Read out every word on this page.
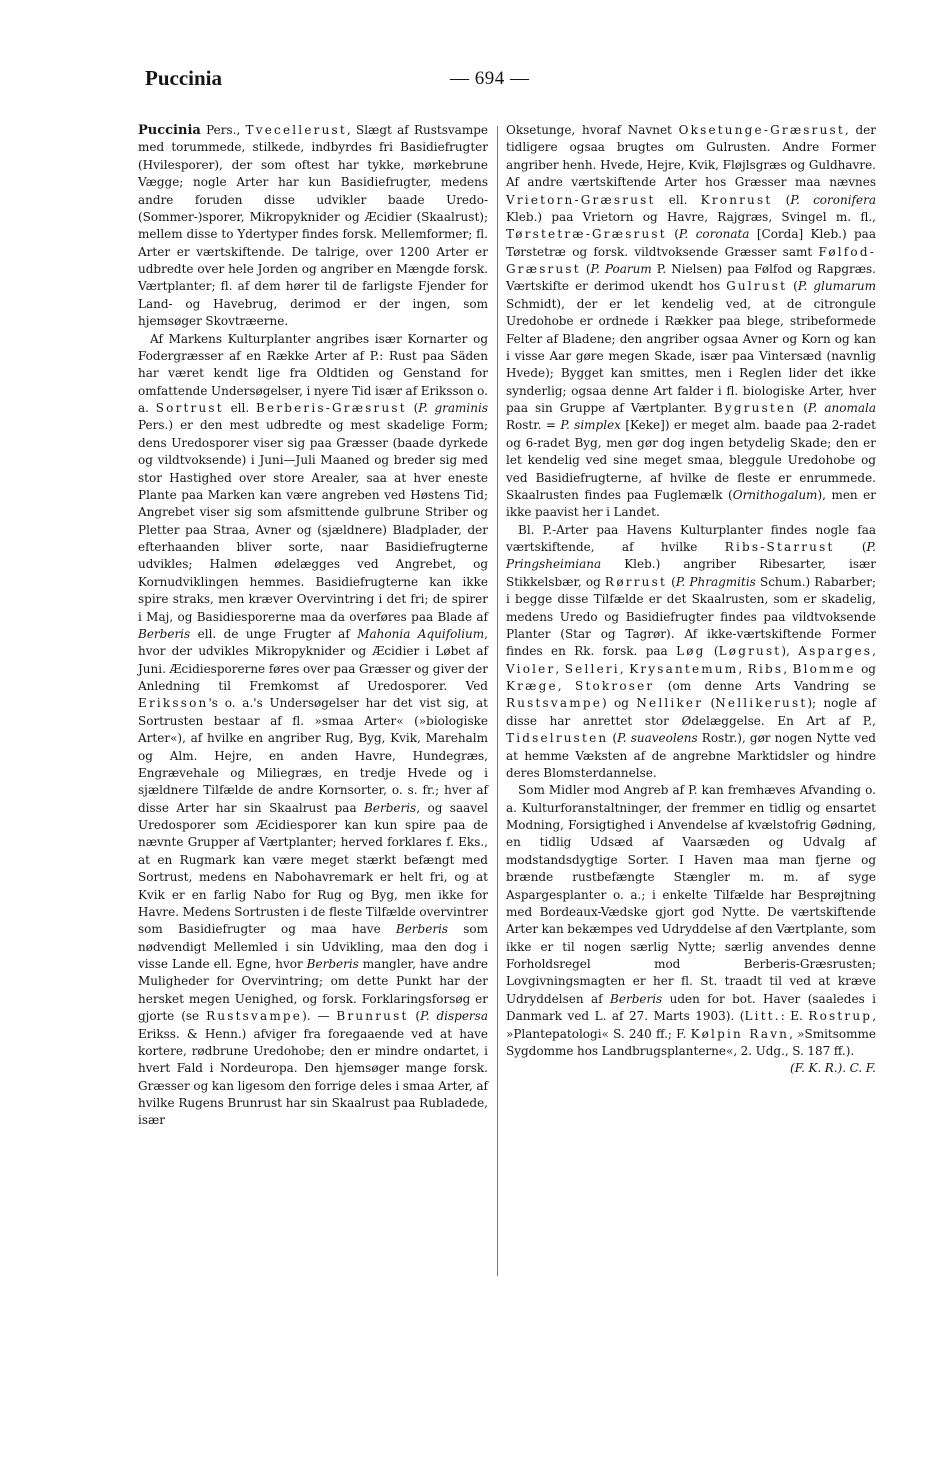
Puccinia	— 694 —

Puccinia Pers., Tvecellerust, Slægt af Rustsvampe med torummede, stilkede, indbyrdes fri Basidiefrugter (Hvilesporer), der som oftest har tykke, mørkebrune Vægge; nogle Arter har kun Basidiefrugter, medens andre foruden disse udvikler baade Uredo-(Sommer-)sporer, Mikropyknider og Æcidier (Skaalrust); mellem disse to Ydertyper findes forsk. Mellemformer; fl. Arter er værtskiftende. De talrige, over 1200 Arter er udbredte over hele Jorden og angriber en Mængde forsk. Værtplanter; fl. af dem hører til de farligste Fjender for Land- og Havebrug, derimod er der ingen, som hjemsøger Skovtræerne.

Af Markens Kulturplanter angribes især Kornarter og Fodergræsser af en Række Arter af P.: Rust paa Säden har været kendt lige fra Oldtiden og Genstand for omfattende Undersøgelser, i nyere Tid især af Eriksson o. a. Sortrust ell. Berberis-Græsrust (P. graminis Pers.) er den mest udbredte og mest skadelige Form; dens Uredosporer viser sig paa Græsser (baade dyrkede og vildtvoksende) i Juni—Juli Maaned og breder sig med stor Hastighed over store Arealer, saa at hver eneste Plante paa Marken kan være angreben ved Høstens Tid; Angrebet viser sig som afsmittende gulbrune Striber og Pletter paa Straa, Avner og (sjældnere) Bladplader, der efterhaanden bliver sorte, naar Basidiefrugterne udvikles; Halmen ødelægges ved Angrebet, og Kornudviklingen hemmes. Basidiefrugterne kan ikke spire straks, men kræver Overvintring i det fri; de spirer i Maj, og Basidiesporerne maa da overføres paa Blade af Berberis ell. de unge Frugter af Mahonia Aquifolium, hvor der udvikles Mikropyknider og Æcidier i Løbet af Juni. Æcidiesporerne føres over paa Græsser og giver der Anledning til Fremkomst af Uredosporer. Ved Eriksson's o. a.'s Undersøgelser har det vist sig, at Sortrusten bestaar af fl. »smaa Arter« (»biologiske Arter«), af hvilke en angriber Rug, Byg, Kvik, Marehalm og Alm. Hejre, en anden Havre, Hundegræs, Engrævehale og Miliegræs, en tredje Hvede og i sjældnere Tilfælde de andre Kornsorter, o. s. fr.; hver af disse Arter har sin Skaalrust paa Berberis, og saavel Uredosporer som Æcidiesporer kan kun spire paa de nævnte Grupper af Værtplanter; herved forklares f. Eks., at en Rugmark kan være meget stærkt befængt med Sortrust, medens en Nabohavremark er helt fri, og at Kvik er en farlig Nabo for Rug og Byg, men ikke for Havre. Medens Sortrusten i de fleste Tilfælde overvintrer som Basidiefrugter og maa have Berberis som nødvendigt Mellemled i sin Udvikling, maa den dog i visse Lande ell. Egne, hvor Berberis mangler, have andre Muligheder for Overvintring; om dette Punkt har der hersket megen Uenighed, og forsk. Forklaringsforsøg er gjorte (se Rustsvampe). — Brunrust (P. dispersa Erikss. & Henn.) afviger fra foregaaende ved at have kortere, rødbrune Uredohobe; den er mindre ondartet, i hvert Fald i Nordeuropa. Den hjemsøger mange forsk. Græsser og kan ligesom den forrige deles i smaa Arter, af hvilke Rugens Brunrust har sin Skaalrust paa Rubladede, især

Oksetunge, hvoraf Navnet Oksetunge-Græsrust, der tidligere ogsaa brugtes om Gulrusten. Andre Former angriber henh. Hvede, Hejre, Kvik, Fløjlsgræs og Guldhavre. Af andre værtskiftende Arter hos Græsser maa nævnes Vrietorn-Græsrust ell. Kronrust (P. coronifera Kleb.) paa Vrietorn og Havre, Rajgræs, Svingel m. fl., Tørstetræ-Græsrust (P. coronata [Corda] Kleb.) paa Tørstetræ og forsk. vildtvoksende Græsser samt Følfod-Græsrust (P. Poarum P. Nielsen) paa Følfod og Rapgræs. Værtskifte er derimod ukendt hos Gulrust (P. glumarum Schmidt), der er let kendelig ved, at de citrongule Uredohobe er ordnede i Rækker paa blege, stribeformede Felter af Bladene; den angriber ogsaa Avner og Korn og kan i visse Aar gøre megen Skade, især paa Vintersæd (navnlig Hvede); Bygget kan smittes, men i Reglen lider det ikke synderlig; ogsaa denne Art falder i fl. biologiske Arter, hver paa sin Gruppe af Værtplanter. Bygrusten (P. anomala Rostr. = P. simplex [Keke]) er meget alm. baade paa 2-radet og 6-radet Byg, men gør dog ingen betydelig Skade; den er let kendelig ved sine meget smaa, bleggule Uredohobe og ved Basidiefrugterne, af hvilke de fleste er enrummede. Skaalrusten findes paa Fuglemælk (Ornithogalum), men er ikke paavist her i Landet.

Bl. P.-Arter paa Havens Kulturplanter findes nogle faa værtskiftende, af hvilke Ribs-Starrust (P. Pringsheimiana Kleb.) angriber Ribesarter, især Stikkelsbær, og Rørrust (P. Phragmitis Schum.) Rabarber; i begge disse Tilfælde er det Skaalrusten, som er skadelig, medens Uredo og Basidiefrugter findes paa vildtvoksende Planter (Star og Tagrør). Af ikke-værtskiftende Former findes en Rk. forsk. paa Løg (Løgrust), Asparges, Violer, Selleri, Krysantemum, Ribs, Blomme og Kræge, Stokroser (om denne Arts Vandring se Rustsvampe) og Nelliker (Nellikerust); nogle af disse har anrettet stor Ødelæggelse. En Art af P., Tidselrusten (P. suaveolens Rostr.), gør nogen Nytte ved at hemme Væksten af de angrebne Marktidsler og hindre deres Blomsterdannelse.

Som Midler mod Angreb af P. kan fremhæves Afvanding o. a. Kulturforanstaltninger, der fremmer en tidlig og ensartet Modning, Forsigtighed i Anvendelse af kvælstofrig Gødning, en tidlig Udsæd af Vaarsæden og Udvalg af modstandsdygtige Sorter. I Haven maa man fjerne og brænde rustbefængte Stængler m. m. af syge Aspargesplanter o. a.; i enkelte Tilfælde har Besprøjtning med Bordeaux-Vædske gjort god Nytte. De værtskiftende Arter kan bekæmpes ved Udryddelse af den Værtplante, som ikke er til nogen særlig Nytte; særlig anvendes denne Forholdsregel mod Berberis-Græsrusten; Lovgivningsmagten er her fl. St. traadt til ved at kræve Udryddelsen af Berberis uden for bot. Haver (saaledes i Danmark ved L. af 27. Marts 1903). (Litt.: E. Rostrup, »Plantepatologi« S. 240 ff.; F. Kølpin Ravn, »Smitsomme Sygdomme hos Landbrugsplanterne«, 2. Udg., S. 187 ff.).
(F. K. R.). C. F.
